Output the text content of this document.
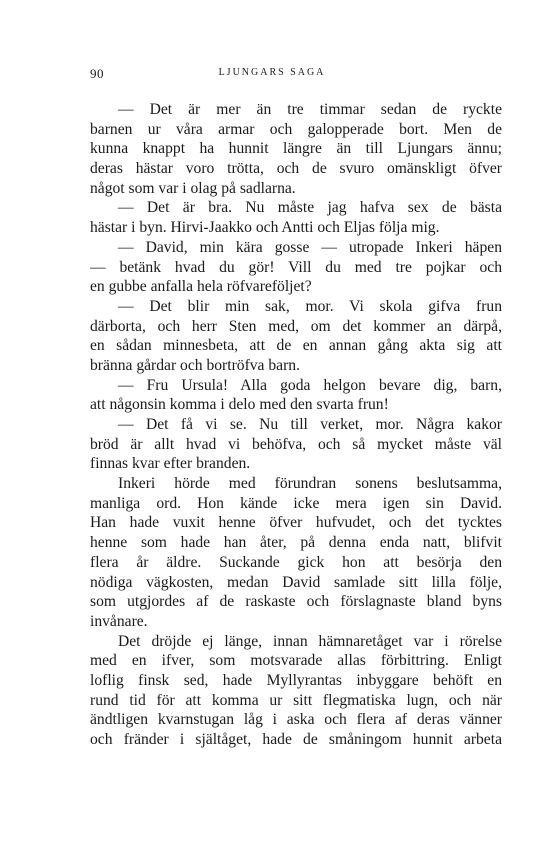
90	LJUNGARS SAGA
— Det är mer än tre timmar sedan de ryckte
barnen ur våra armar och galopperade bort. Men de
kunna knappt ha hunnit längre än till Ljungars ännu;
deras hästar voro trötta, och de svuro omänskligt öfver
något som var i olag på sadlarna.
— Det är bra. Nu måste jag hafva sex de bästa
hästar i byn. Hirvi-Jaakko och Antti och Eljas följa mig.
— David, min kära gosse — utropade Inkeri häpen
— betänk hvad du gör! Vill du med tre pojkar och
en gubbe anfalla hela röfvareföljet?
— Det blir min sak, mor. Vi skola gifva frun
därborta, och herr Sten med, om det kommer an därpå,
en sådan minnesbeta, att de en annan gång akta sig att
bränna gårdar och bortröfva barn.
— Fru Ursula! Alla goda helgon bevare dig, barn,
att någonsin komma i delo med den svarta frun!
— Det få vi se. Nu till verket, mor. Några kakor
bröd är allt hvad vi behöfva, och så mycket måste väl
finnas kvar efter branden.
Inkeri hörde med förundran sonens beslutsamma,
manliga ord. Hon kände icke mera igen sin David.
Han hade vuxit henne öfver hufvudet, och det tycktes
henne som hade han åter, på denna enda natt, blifvit
flera år äldre. Suckande gick hon att besörja den
nödiga vägkosten, medan David samlade sitt lilla följe,
som utgjordes af de raskaste och förslagnaste bland byns
invånare.
Det dröjde ej länge, innan hämnaretåget var i rörelse
med en ifver, som motsvarade allas förbittring. Enligt
loflig finsk sed, hade Myllyrantas inbyggare behöft en
rund tid för att komma ur sitt flegmatiska lugn, och när
ändtligen kvarnstugan låg i aska och flera af deras vänner
och fränder i själtåget, hade de småningom hunnit arbeta
